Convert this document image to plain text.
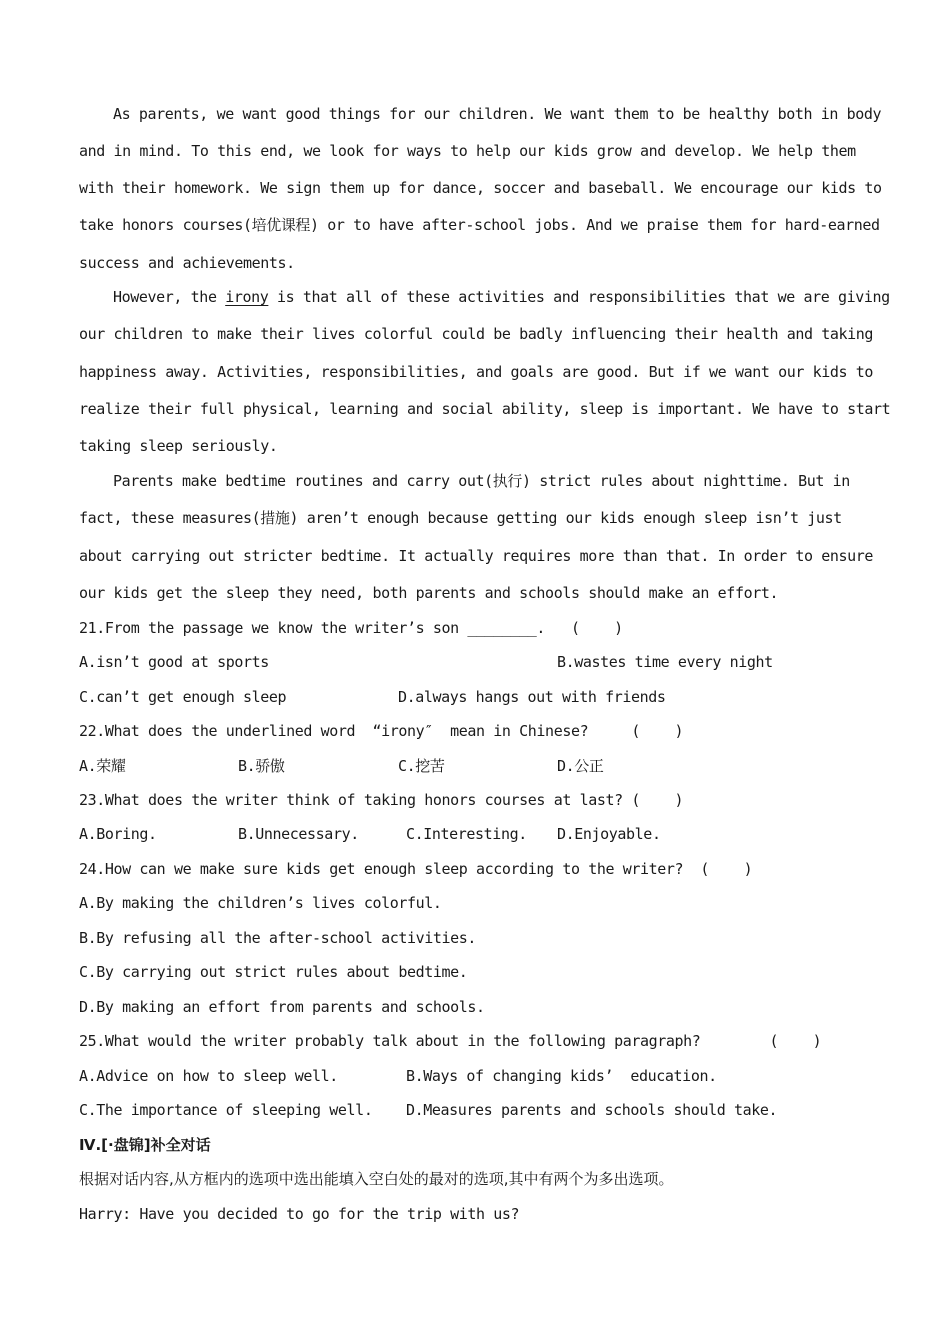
As parents, we want good things for our children. We want them to be healthy both in body
and in mind. To this end, we look for ways to help our kids grow and develop. We help them
with their homework. We sign them up for dance, soccer and baseball. We encourage our kids to
take honors courses(培优课程) or to have after-school jobs. And we praise them for hard-earned
success and achievements.
However, the irony is that all of these activities and responsibilities that we are giving
our children to make their lives colorful could be badly influencing their health and taking
happiness away. Activities, responsibilities, and goals are good. But if we want our kids to
realize their full physical, learning and social ability, sleep is important. We have to start
taking sleep seriously.
Parents make bedtime routines and carry out(执行) strict rules about nighttime. But in
fact, these measures(措施) aren’t enough because getting our kids enough sleep isn’t just
about carrying out stricter bedtime. It actually requires more than that. In order to ensure
our kids get the sleep they need, both parents and schools should make an effort.
21.From the passage we know the writer’s son ________.   (    )
A.isn’t good at sports	B.wastes time every night
C.can’t get enough sleep	D.always hangs out with friends
22.What does the underlined word  “irony″  mean in Chinese?     (    )
A.荣耀	B.骄傲	C.挖苦	D.公正
23.What does the writer think of taking honors courses at last? (    )
A.Boring.	B.Unnecessary.	C.Interesting. D.Enjoyable.
24.How can we make sure kids get enough sleep according to the writer?  (    )
A.By making the children’s lives colorful.
B.By refusing all the after-school activities.
C.By carrying out strict rules about bedtime.
D.By making an effort from parents and schools.
25.What would the writer probably talk about in the following paragraph?        (    )
A.Advice on how to sleep well.	B.Ways of changing kids’  education.
C.The importance of sleeping well. D.Measures parents and schools should take.
Ⅳ.[·盘锦]补全对话
根据对话内容,从方框内的选项中选出能填入空白处的最对的选项,其中有两个为多出选项。
Harry: Have you decided to go for the trip with us?
